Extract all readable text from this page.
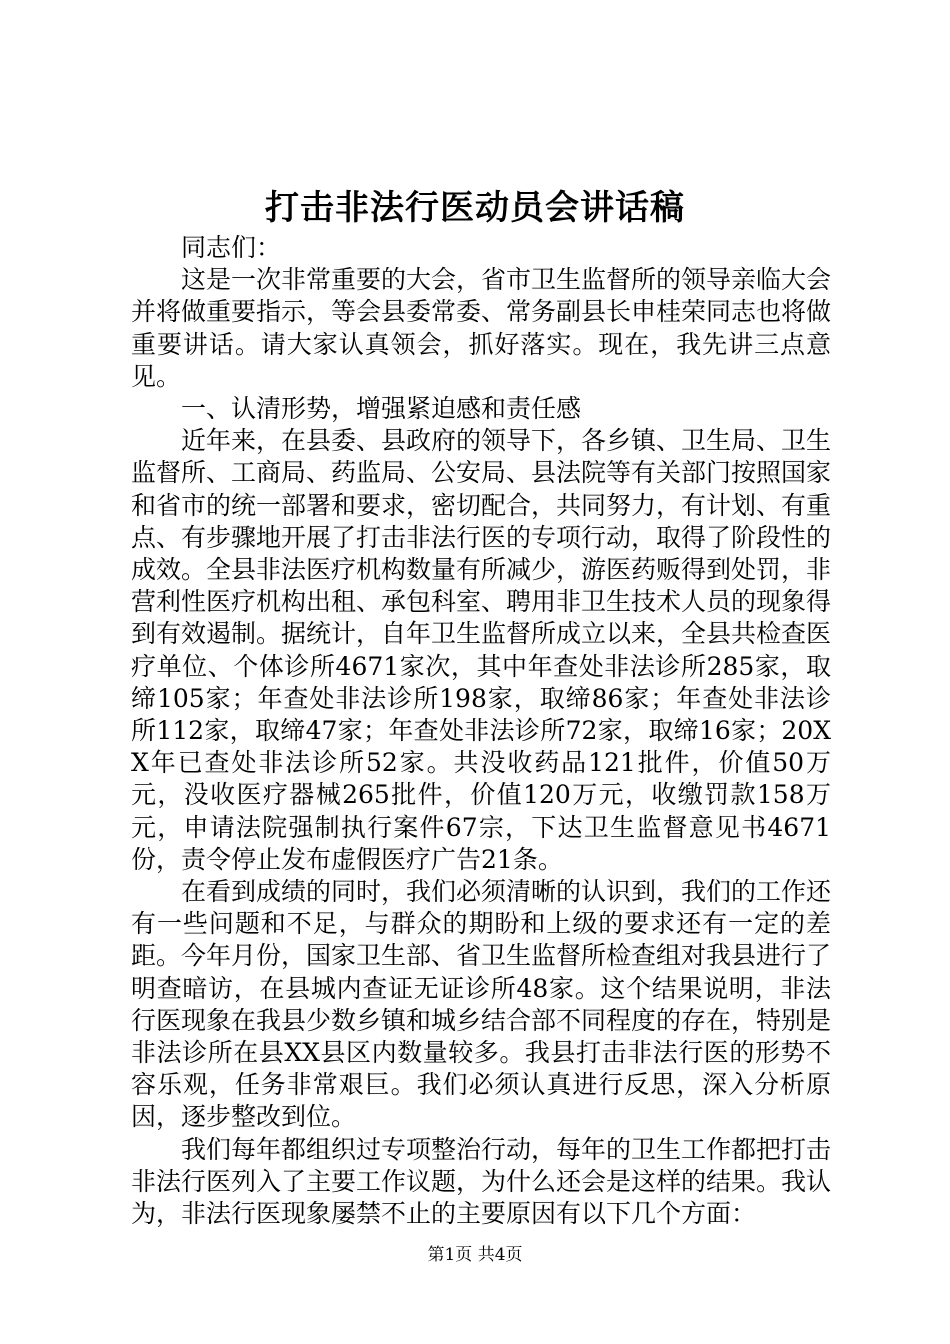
打击非法行医动员会讲话稿

同志们：

这是一次非常重要的大会，省市卫生监督所的领导亲临大会并将做重要指示，等会县委常委、常务副县长申桂荣同志也将做重要讲话。请大家认真领会，抓好落实。现在，我先讲三点意见。

一、认清形势，增强紧迫感和责任感

近年来，在县委、县政府的领导下，各乡镇、卫生局、卫生监督所、工商局、药监局、公安局、县法院等有关部门按照国家和省市的统一部署和要求，密切配合，共同努力，有计划、有重点、有步骤地开展了打击非法行医的专项行动，取得了阶段性的成效。全县非法医疗机构数量有所减少，游医药贩得到处罚，非营利性医疗机构出租、承包科室、聘用非卫生技术人员的现象得到有效遏制。据统计，自年卫生监督所成立以来，全县共检查医疗单位、个体诊所4671家次，其中年查处非法诊所285家，取缔105家；年查处非法诊所198家，取缔86家；年查处非法诊所112家，取缔47家；年查处非法诊所72家，取缔16家；20XX年已查处非法诊所52家。共没收药品121批件，价值50万元，没收医疗器械265批件，价值120万元，收缴罚款158万元，申请法院强制执行案件67宗，下达卫生监督意见书4671份，责令停止发布虚假医疗广告21条。

在看到成绩的同时，我们必须清晰的认识到，我们的工作还有一些问题和不足，与群众的期盼和上级的要求还有一定的差距。今年月份，国家卫生部、省卫生监督所检查组对我县进行了明查暗访，在县城内查证无证诊所48家。这个结果说明，非法行医现象在我县少数乡镇和城乡结合部不同程度的存在，特别是非法诊所在县XX县区内数量较多。我县打击非法行医的形势不容乐观，任务非常艰巨。我们必须认真进行反思，深入分析原因，逐步整改到位。

我们每年都组织过专项整治行动，每年的卫生工作都把打击非法行医列入了主要工作议题，为什么还会是这样的结果。我认为，非法行医现象屡禁不止的主要原因有以下几个方面：

第1页 共4页
